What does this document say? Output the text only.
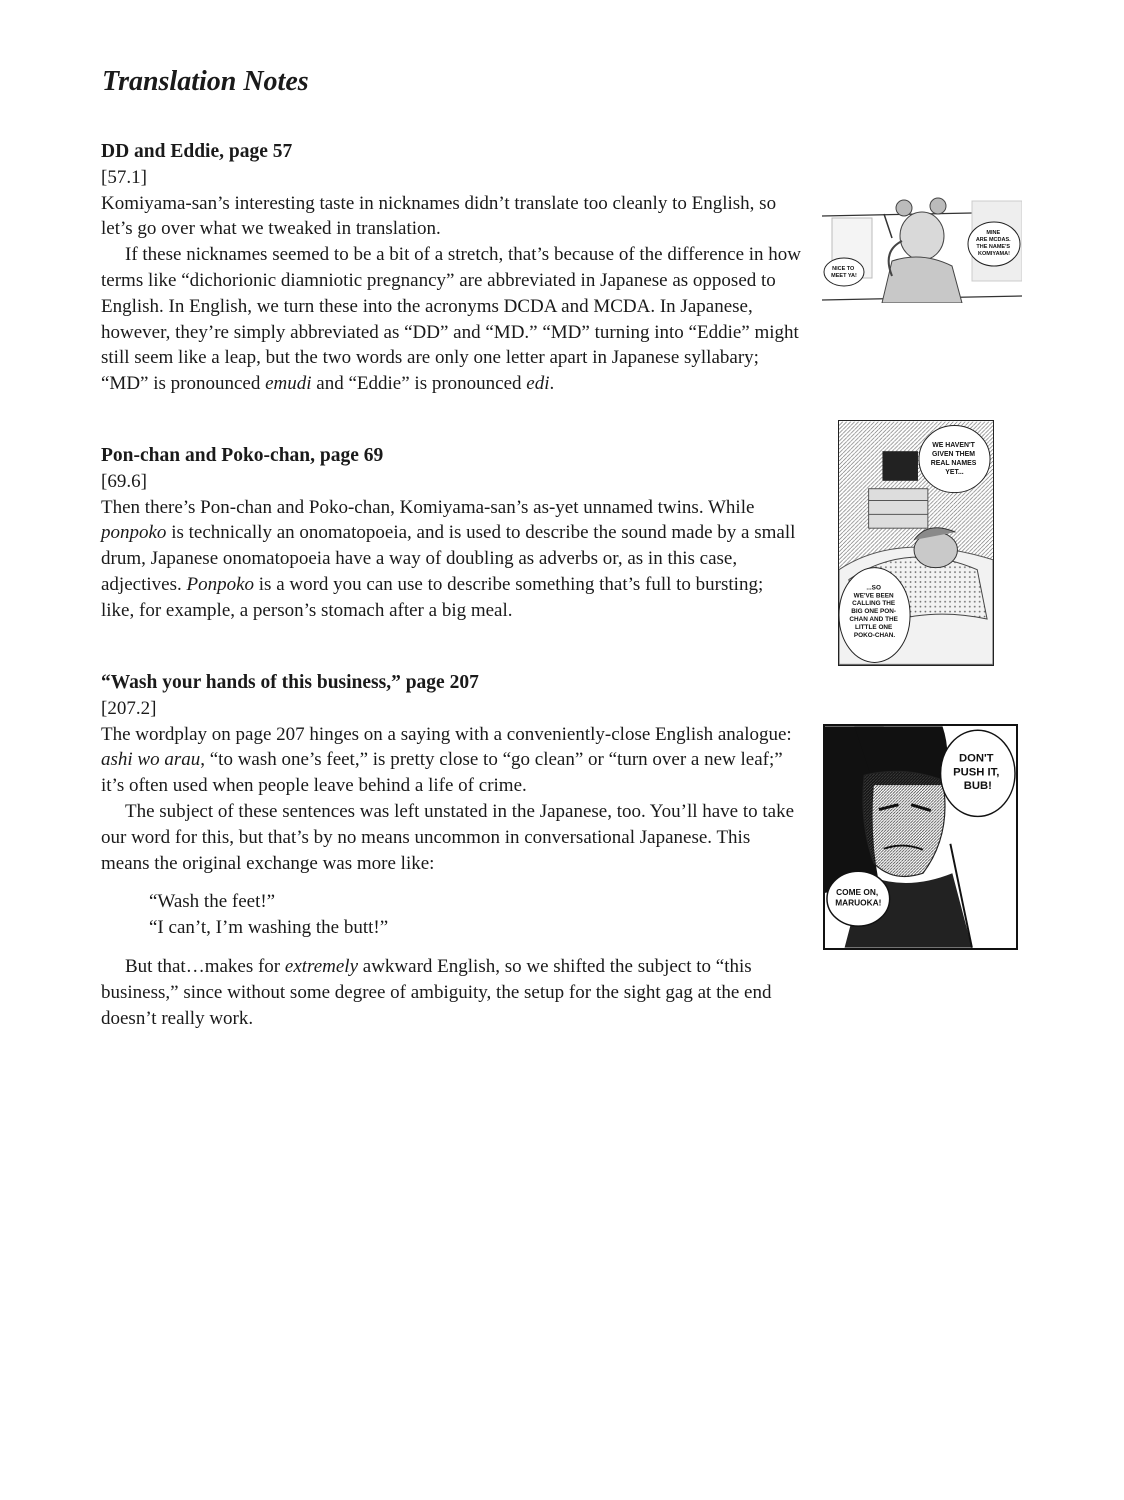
Translation Notes
DD and Eddie, page 57
[57.1]

Komiyama-san’s interesting taste in nicknames didn’t translate too cleanly to English, so let’s go over what we tweaked in translation.

If these nicknames seemed to be a bit of a stretch, that’s because of the difference in how terms like “dichorionic diamniotic pregnancy” are abbreviated in Japanese as opposed to English. In English, we turn these into the acronyms DCDA and MCDA. In Japanese, however, they’re simply abbreviated as “DD” and “MD.” “MD” turning into “Eddie” might still seem like a leap, but the two words are only one letter apart in Japanese syllabary; “MD” is pronounced emudi and “Eddie” is pronounced edi.

Pon-chan and Poko-chan, page 69
[69.6]

Then there’s Pon-chan and Poko-chan, Komiyama-san’s as-yet unnamed twins. While ponpoko is technically an onomatopoeia, and is used to describe the sound made by a small drum, Japanese onomatopoeia have a way of doubling as adverbs or, as in this case, adjectives. Ponpoko is a word you can use to describe something that’s full to bursting; like, for example, a person’s stomach after a big meal.

“Wash your hands of this business,” page 207
[207.2]

The wordplay on page 207 hinges on a saying with a conveniently-close English analogue: ashi wo arau, “to wash one’s feet,” is pretty close to “go clean” or “turn over a new leaf;” it’s often used when people leave behind a life of crime.

The subject of these sentences was left unstated in the Japanese, too. You’ll have to take our word for this, but that’s by no means uncommon in conversational Japanese. This means the original exchange was more like:

“Wash the feet!”
“I can’t, I’m washing the butt!”

But that…makes for extremely awkward English, so we shifted the subject to “this business,” since without some degree of ambiguity, the setup for the sight gag at the end doesn’t really work.

MINE ARE MCDAS. THE NAME'S KOMIYAMA!
NICE TO MEET YA!
WE HAVEN'T GIVEN THEM REAL NAMES YET...
...SO WE'VE BEEN CALLING THE BIG ONE PON- CHAN AND THE LITTLE ONE POKO-CHAN.
DON'T PUSH IT, BUB!
COME ON, MARUOKA!
